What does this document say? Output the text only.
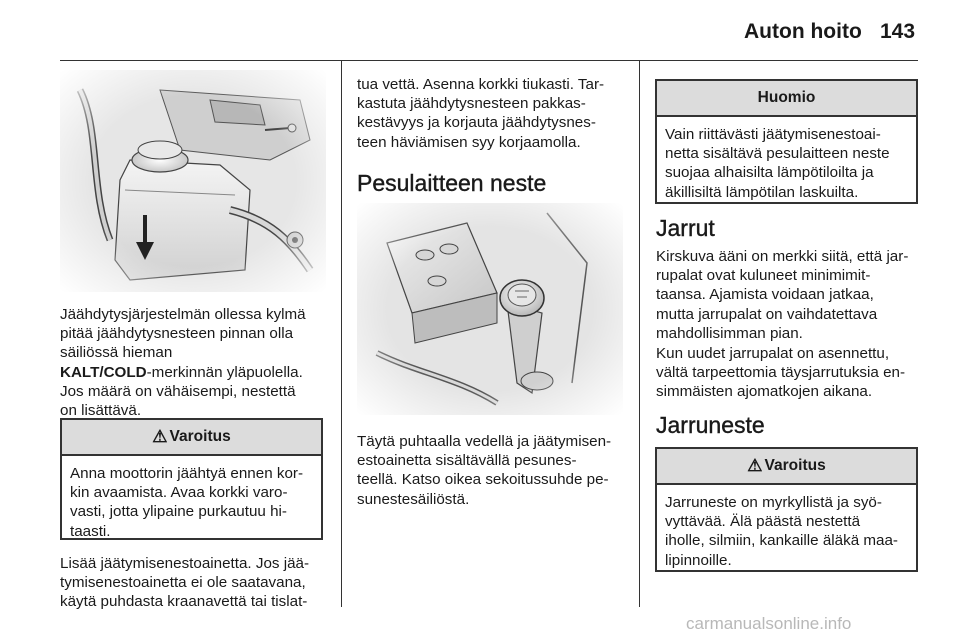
Auton hoito 143
Jäähdytysjärjestelmän ollessa kylmä
pitää jäähdytysnesteen pinnan olla
säiliössä hieman
KALT/COLD-merkinnän yläpuolella.
Jos määrä on vähäisempi, nestettä
on lisättävä.
⚠ Varoitus
Anna moottorin jäähtyä ennen kor-
kin avaamista. Avaa korkki varo-
vasti, jotta ylipaine purkautuu hi-
taasti.
Lisää jäätymisenestoainetta. Jos jää-
tymisenestoainetta ei ole saatavana,
käytä puhdasta kraanavettä tai tislat-
tua vettä. Asenna korkki tiukasti. Tar-
kastuta jäähdytysnesteen pakkas-
kestävyys ja korjauta jäähdytysnes-
teen häviämisen syy korjaamolla.
Pesulaitteen neste
Täytä puhtaalla vedellä ja jäätymisen-
estoainetta sisältävällä pesunes-
teellä. Katso oikea sekoitussuhde pe-
sunestesäiliöstä.
Huomio
Vain riittävästi jäätymisenestoai-
netta sisältävä pesulaitteen neste
suojaa alhaisilta lämpötiloilta ja
äkillisiltä lämpötilan laskuilta.
Jarrut
Kirskuva ääni on merkki siitä, että jar-
rupalat ovat kuluneet minimimit-
taansa. Ajamista voidaan jatkaa,
mutta jarrupalat on vaihdatettava
mahdollisimman pian.
Kun uudet jarrupalat on asennettu,
vältä tarpeettomia täysjarrutuksia en-
simmäisten ajomatkojen aikana.
Jarruneste
⚠ Varoitus
Jarruneste on myrkyllistä ja syö-
vyttävää. Älä päästä nestettä
iholle, silmiin, kankaille äläkä maa-
lipinnoille.
carmanualsonline.info
